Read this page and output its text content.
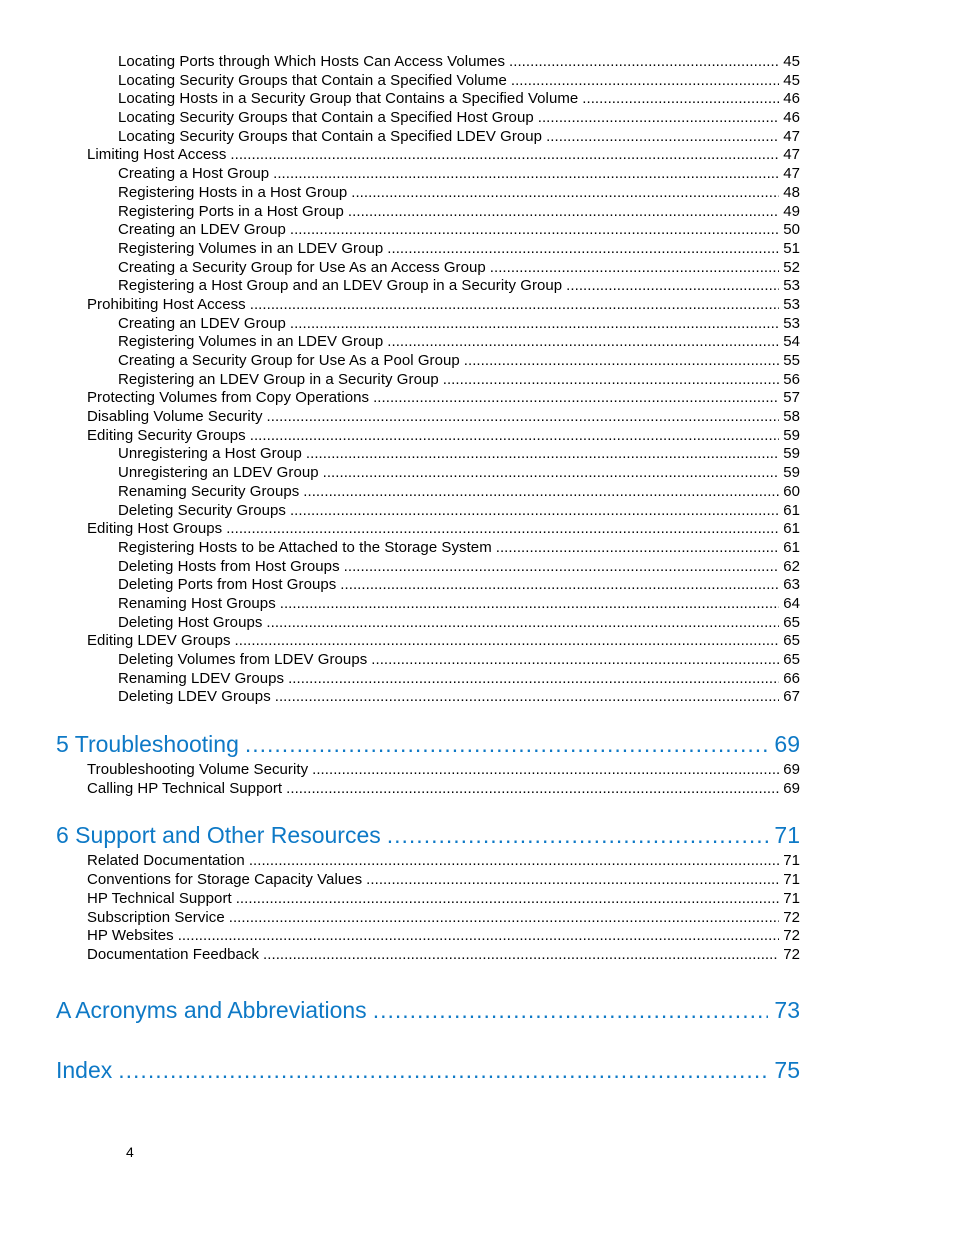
Locating Ports through Which Hosts Can Access Volumes .....	45
Locating Security Groups that Contain a Specified Volume .....	45
Locating Hosts in a Security Group that Contains a Specified Volume .....	46
Locating Security Groups that Contain a Specified Host Group .....	46
Locating Security Groups that Contain a Specified LDEV Group .....	47
Limiting Host Access .....	47
Creating a Host Group .....	47
Registering Hosts in a Host Group .....	48
Registering Ports in a Host Group .....	49
Creating an LDEV Group .....	50
Registering Volumes in an LDEV Group .....	51
Creating a Security Group for Use As an Access Group .....	52
Registering a Host Group and an LDEV Group in a Security Group .....	53
Prohibiting Host Access .....	53
Creating an LDEV Group .....	53
Registering Volumes in an LDEV Group .....	54
Creating a Security Group for Use As a Pool Group .....	55
Registering an LDEV Group in a Security Group .....	56
Protecting Volumes from Copy Operations .....	57
Disabling Volume Security .....	58
Editing Security Groups .....	59
Unregistering a Host Group .....	59
Unregistering an LDEV Group .....	59
Renaming Security Groups .....	60
Deleting Security Groups .....	61
Editing Host Groups .....	61
Registering Hosts to be Attached to the Storage System .....	61
Deleting Hosts from Host Groups .....	62
Deleting Ports from Host Groups .....	63
Renaming Host Groups .....	64
Deleting Host Groups .....	65
Editing LDEV Groups .....	65
Deleting Volumes from LDEV Groups .....	65
Renaming LDEV Groups .....	66
Deleting LDEV Groups .....	67
5 Troubleshooting .....	69
Troubleshooting Volume Security .....	69
Calling HP Technical Support .....	69
6 Support and Other Resources .....	71
Related Documentation .....	71
Conventions for Storage Capacity Values .....	71
HP Technical Support .....	71
Subscription Service .....	72
HP Websites .....	72
Documentation Feedback .....	72
A Acronyms and Abbreviations .....	73
Index .....	75
4
